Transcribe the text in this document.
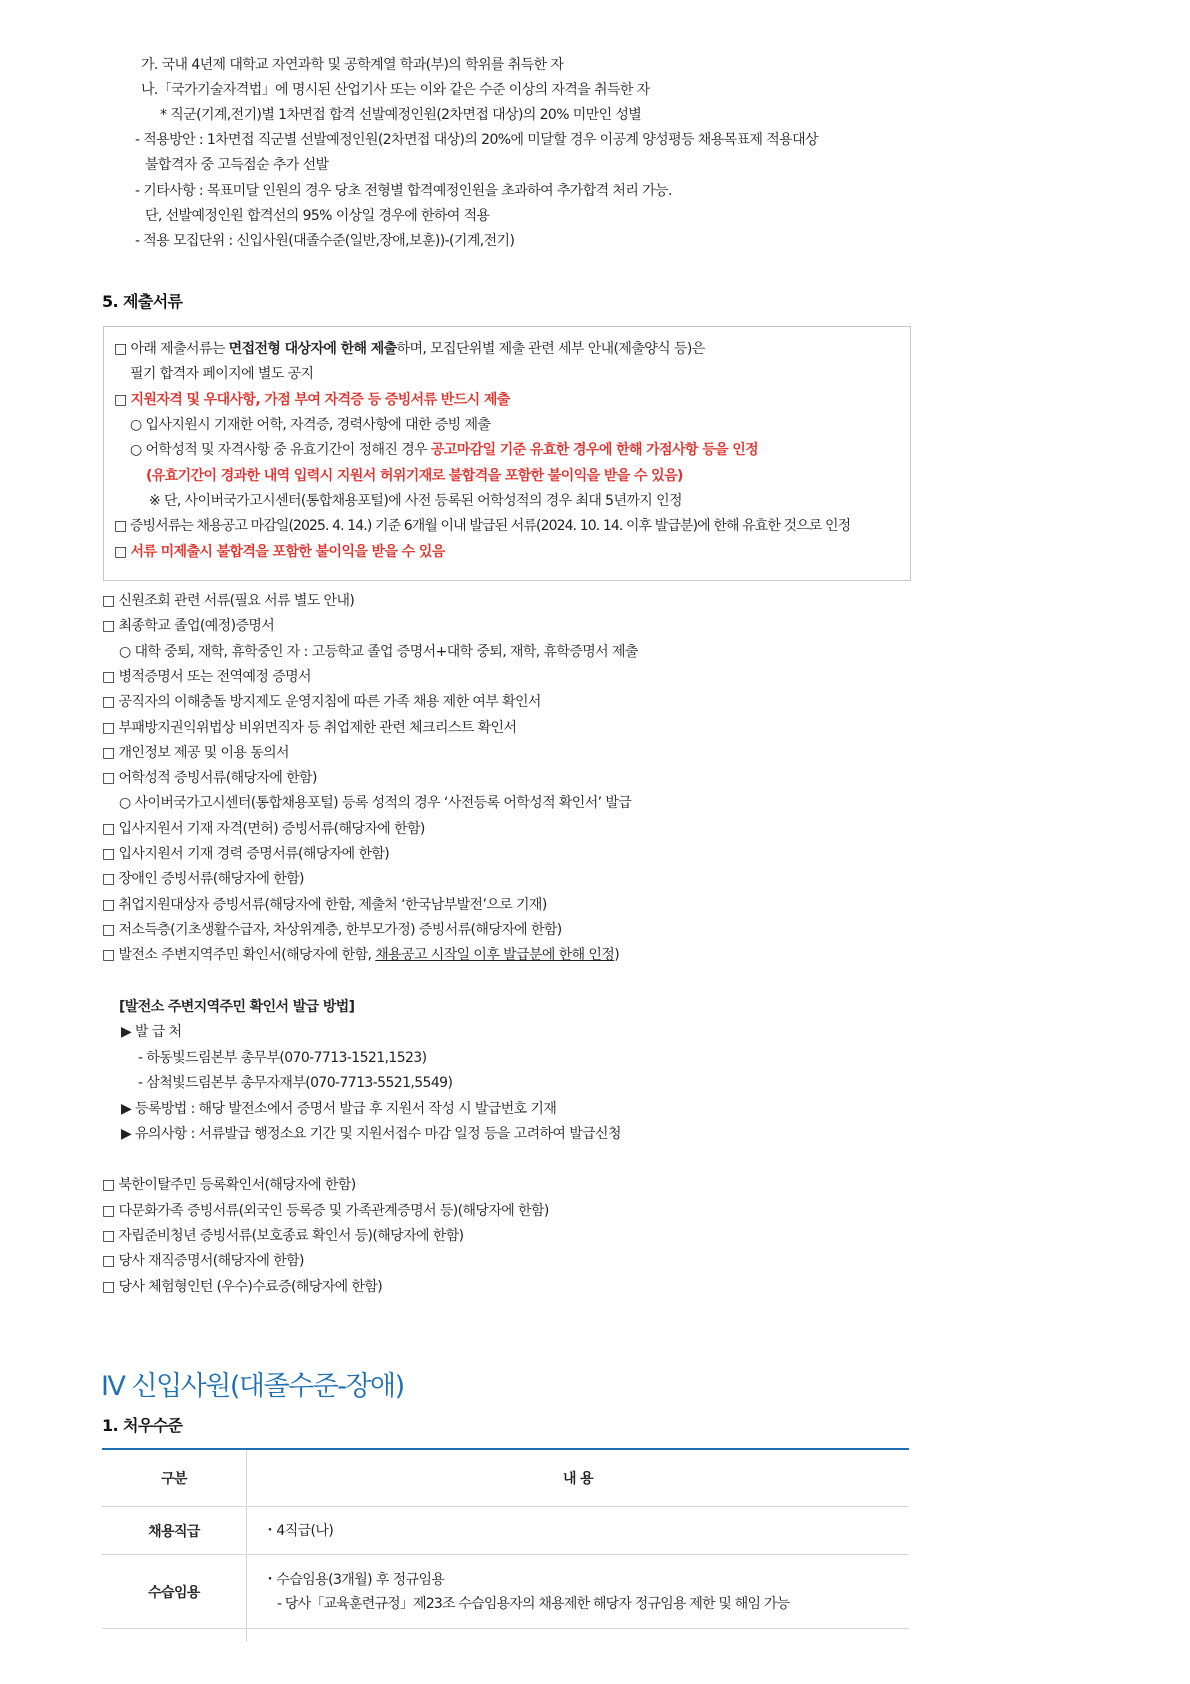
가. 국내 4년제 대학교 자연과학 및 공학계열 학과(부)의 학위를 취득한 자
나.「국가기술자격법」에 명시된 산업기사 또는 이와 같은 수준 이상의 자격을 취득한 자
* 직군(기계,전기)별 1차면접 합격 선발예정인원(2차면접 대상)의 20% 미만인 성별
- 적용방안 : 1차면접 직군별 선발예정인원(2차면접 대상)의 20%에 미달할 경우 이공계 양성평등 채용목표제 적용대상
불합격자 중 고득점순 추가 선발
- 기타사항 : 목표미달 인원의 경우 당초 전형별 합격예정인원을 초과하여 추가합격 처리 가능.
단, 선발예정인원 합격선의 95% 이상일 경우에 한하여 적용
- 적용 모집단위 : 신입사원(대졸수준(일반,장애,보훈))-(기계,전기)
5. 제출서류
□ 아래 제출서류는 면접전형 대상자에 한해 제출하며, 모집단위별 제출 관련 세부 안내(제출양식 등)은
필기 합격자 페이지에 별도 공지
□ 지원자격 및 우대사항, 가점 부여 자격증 등 증빙서류 반드시 제출
○ 입사지원시 기재한 어학, 자격증, 경력사항에 대한 증빙 제출
○ 어학성적 및 자격사항 중 유효기간이 정해진 경우 공고마감일 기준 유효한 경우에 한해 가점사항 등을 인정
(유효기간이 경과한 내역 입력시 지원서 허위기재로 불합격을 포함한 불이익을 받을 수 있음)
※ 단, 사이버국가고시센터(통합채용포털)에 사전 등록된 어학성적의 경우 최대 5년까지 인정
□ 증빙서류는 채용공고 마감일(2025. 4. 14.) 기준 6개월 이내 발급된 서류(2024. 10. 14. 이후 발급분)에 한해 유효한 것으로 인정
□ 서류 미제출시 불합격을 포함한 불이익을 받을 수 있음
□ 신원조회 관련 서류(필요 서류 별도 안내)
□ 최종학교 졸업(예정)증명서
○ 대학 중퇴, 재학, 휴학중인 자 : 고등학교 졸업 증명서+대학 중퇴, 재학, 휴학증명서 제출
□ 병적증명서 또는 전역예정 증명서
□ 공직자의 이해충돌 방지제도 운영지침에 따른 가족 채용 제한 여부 확인서
□ 부패방지권익위법상 비위면직자 등 취업제한 관련 체크리스트 확인서
□ 개인정보 제공 및 이용 동의서
□ 어학성적 증빙서류(해당자에 한함)
○ 사이버국가고시센터(통합채용포털) 등록 성적의 경우 ‘사전등록 어학성적 확인서’ 발급
□ 입사지원서 기재 자격(면허) 증빙서류(해당자에 한함)
□ 입사지원서 기재 경력 증명서류(해당자에 한함)
□ 장애인 증빙서류(해당자에 한함)
□ 취업지원대상자 증빙서류(해당자에 한함, 제출처 ‘한국남부발전’으로 기재)
□ 저소득층(기초생활수급자, 차상위계층, 한부모가정) 증빙서류(해당자에 한함)
□ 발전소 주변지역주민 확인서(해당자에 한함, 채용공고 시작일 이후 발급분에 한해 인정)
[발전소 주변지역주민 확인서 발급 방법]
▶ 발 급 처
- 하동빛드림본부 총무부(070-7713-1521,1523)
- 삼척빛드림본부 총무자재부(070-7713-5521,5549)
▶ 등록방법 : 해당 발전소에서 증명서 발급 후 지원서 작성 시 발급번호 기재
▶ 유의사항 : 서류발급 행정소요 기간 및 지원서접수 마감 일정 등을 고려하여 발급신청
□ 북한이탈주민 등록확인서(해당자에 한함)
□ 다문화가족 증빙서류(외국인 등록증 및 가족관계증명서 등)(해당자에 한함)
□ 자립준비청년 증빙서류(보호종료 확인서 등)(해당자에 한함)
□ 당사 재직증명서(해당자에 한함)
□ 당사 체험형인턴 (우수)수료증(해당자에 한함)
Ⅳ 신입사원(대졸수준-장애)
1. 처우수준
구분	내 용
채용직급	・4직급(나)

수습임용	・수습임용(3개월) 후 정규임용
- 당사「교육훈련규정」제23조 수습임용자의 채용제한 해당자 정규임용 제한 및 해임 가능
